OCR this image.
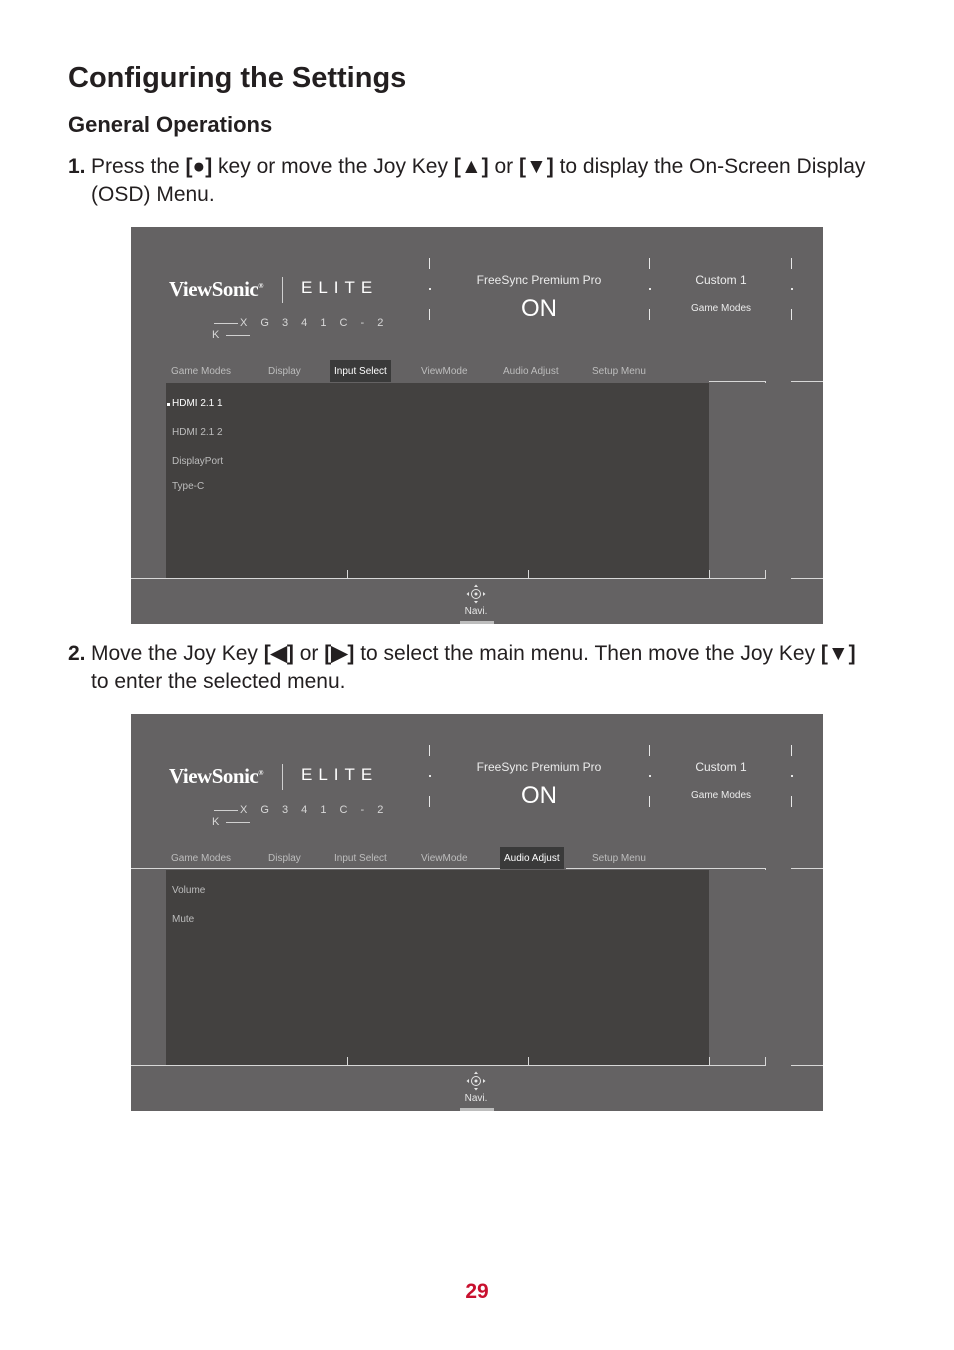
Configuring the Settings
General Operations
1. Press the [●] key or move the Joy Key [▲] or [▼] to display the On-Screen Display (OSD) Menu.
ViewSonic® ELITE
X G 3 4 1 C - 2 K
FreeSync Premium Pro
ON
Custom 1
Game Modes
Game Modes	Display	Input Select	ViewMode	Audio Adjust	Setup Menu
HDMI 2.1 1
HDMI 2.1 2
DisplayPort
Type-C
Navi.
2. Move the Joy Key [◀] or [▶] to select the main menu. Then move the Joy Key [▼] to enter the selected menu.
ViewSonic® ELITE
X G 3 4 1 C - 2 K
FreeSync Premium Pro
ON
Custom 1
Game Modes
Game Modes	Display	Input Select	ViewMode	Audio Adjust	Setup Menu
Volume
Mute
Navi.
29
